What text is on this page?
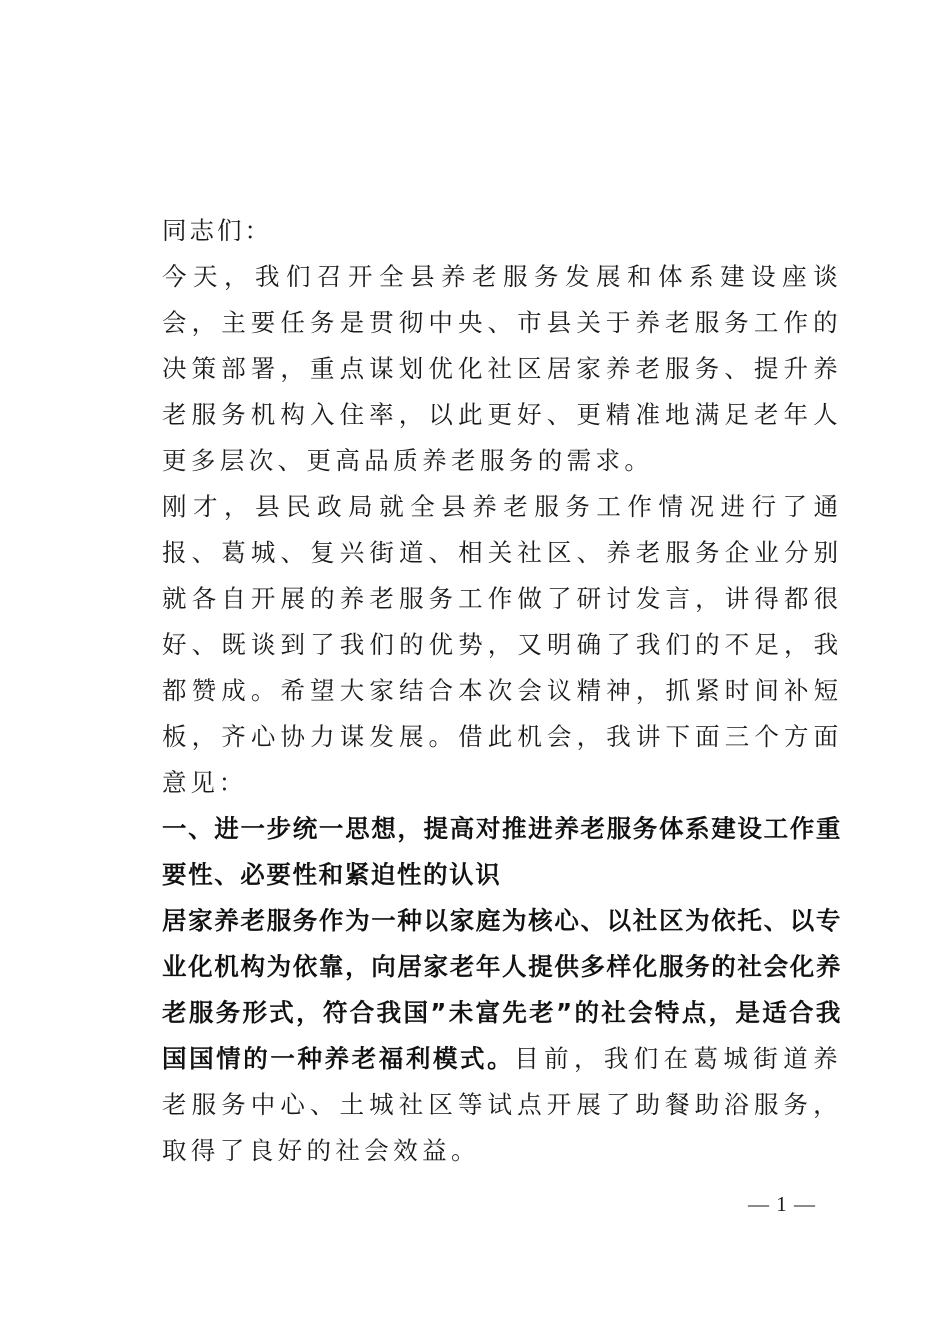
同志们：

今天，我们召开全县养老服务发展和体系建设座谈会，主要任务是贯彻中央、市县关于养老服务工作的决策部署，重点谋划优化社区居家养老服务、提升养老服务机构入住率，以此更好、更精准地满足老年人更多层次、更高品质养老服务的需求。

刚才，县民政局就全县养老服务工作情况进行了通报、葛城、复兴街道、相关社区、养老服务企业分别就各自开展的养老服务工作做了研讨发言，讲得都很好、既谈到了我们的优势，又明确了我们的不足，我都赞成。希望大家结合本次会议精神，抓紧时间补短板，齐心协力谋发展。借此机会，我讲下面三个方面意见：

一、进一步统一思想，提高对推进养老服务体系建设工作重要性、必要性和紧迫性的认识

居家养老服务作为一种以家庭为核心、以社区为依托、以专业化机构为依靠，向居家老年人提供多样化服务的社会化养老服务形式，符合我国”未富先老”的社会特点，是适合我国国情的一种养老福利模式。目前，我们在葛城街道养老服务中心、土城社区等试点开展了助餐助浴服务，取得了良好的社会效益。

— 1 —
